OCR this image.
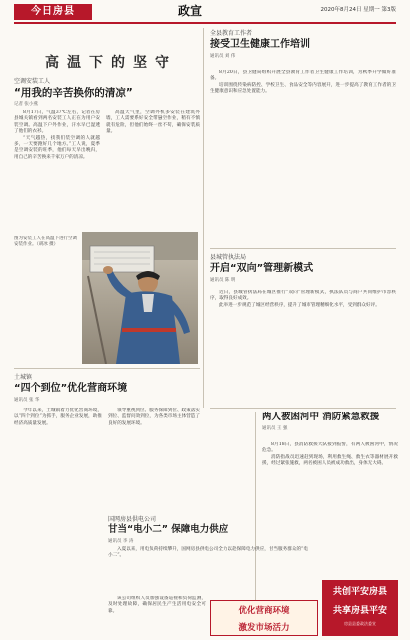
今日房县	政宣	2020年8月24日 星期一 第3版
高温下的坚守
空调安装工人
“用我的辛苦换你的清凉”
记者 张小燕

8月17日，气温37℃左右，记者在房县城关镇看到两名安装工人正在为用户安装空调。高温下户外作业，汗水早已湿透了他们的衣衫。

“天气越热，找我们装空调的人就越多，一天要跑好几个地方。”工人说，夏季是空调安装的旺季，他们每天早出晚归，用自己的辛苦换来千家万户的清凉。

高温天气里，空调外机多安装在建筑外墙，工人需要系好安全带悬空作业，稍有不慎就有危险，但他们始终一丝不苟，确保安装质量。

图为安装工人在高温下进行空调安装作业。（胡冰 摄）
土城镇
“四个到位”优化营商环境
通讯员 张 华

今年以来，土城镇着力优化营商环境，以“四个到位”为抓手，服务企业发展，助推经济高质量发展。

领导重视到位、服务保障到位、政策落实到位、监督问效到位，为各类市场主体营造了良好的发展环境。

国网房县供电公司
甘当“电小二” 保障电力供应
通讯员 李 涛

入夏以来，用电负荷持续攀升，国网房县供电公司全力以赴保障电力供应，甘当服务群众的“电小二”。

该公司组织人员加强设备巡视和负荷监测，及时处理故障，确保居民生产生活用电安全可靠。

全县教育工作者
接受卫生健康工作培训
通讯员 刘 伟

8月20日，县卫健局组织开展全县教育工作者卫生健康工作培训，为秋季开学做好准备。

培训围绕传染病防控、学校卫生、食品安全等内容展开，进一步提高了教育工作者的卫生健康意识和应急处置能力。

县城管执法局
开启“双向”管理新模式
通讯员 陈 明

近日，县城管执法局在城区推行“双向”管理新模式，执法队员与商户共同维护市容秩序，取得良好成效。

此举进一步规范了城区经营秩序，提升了城市管理精细化水平，受到群众好评。

两人被困河中 消防紧急救援
通讯员 王 强

8月18日，县消防救援大队接到报警，有两人被困河中，情况危急。

消防指战员迅速赶到现场，利用救生绳、救生衣等器材展开救援，经过紧张施救，两名被困人员被成功救出，身体无大碍。

优化营商环境
激发市场活力
共创平安房县
共享房县平安
房县县委政法委宣
